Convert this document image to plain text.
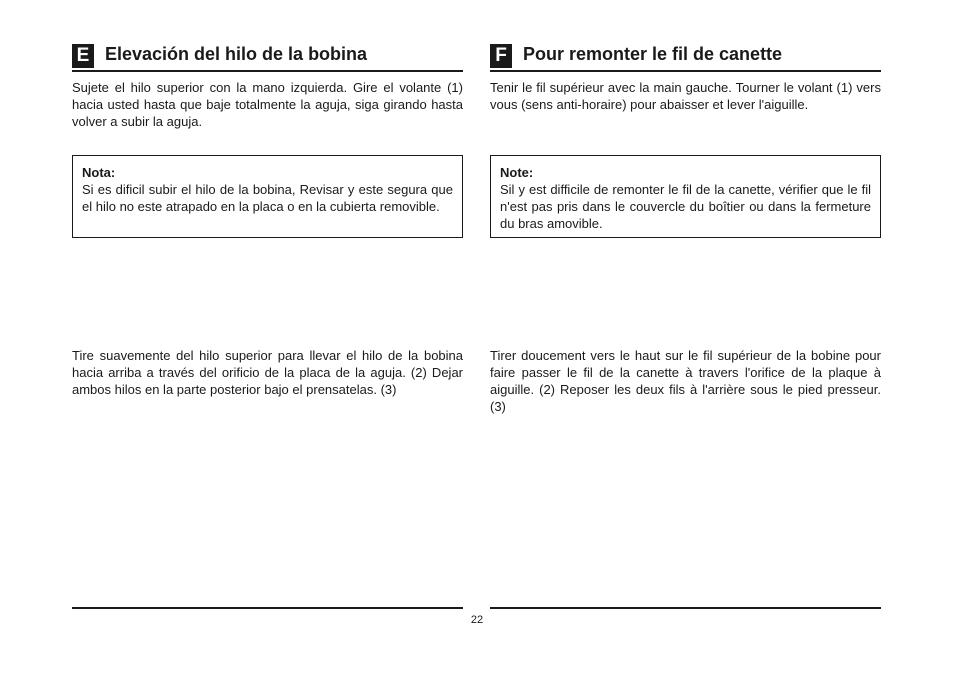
E Elevación del hilo de la bobina

Sujete el hilo superior con la mano izquierda. Gire el volante (1) hacia usted hasta que baje totalmente la aguja, siga girando hasta volver a subir la aguja.

Nota:

Si es dificil subir el hilo de la bobina, Revisar y este segura que el hilo no este atrapado en la placa o en la cubierta removible.

Tire suavemente del hilo superior para llevar el hilo de la bobina hacia arriba a través del orificio de la placa de la aguja. (2) Dejar ambos hilos en la parte posterior bajo el prensatelas. (3)

F Pour remonter le fil de canette

Tenir le fil supérieur avec la main gauche. Tourner le volant (1) vers vous (sens anti-horaire) pour abaisser et lever l'aiguille.

Note:

Sil y est difficile de remonter le fil de la canette, vérifier que le fil n'est pas pris dans le couvercle du boîtier ou dans la fermeture du bras amovible.

Tirer doucement vers le haut sur le fil supérieur de la bobine pour faire passer le fil de la canette à travers l'orifice de la plaque à aiguille. (2) Reposer les deux fils à l'arrière sous le pied presseur. (3)

22
